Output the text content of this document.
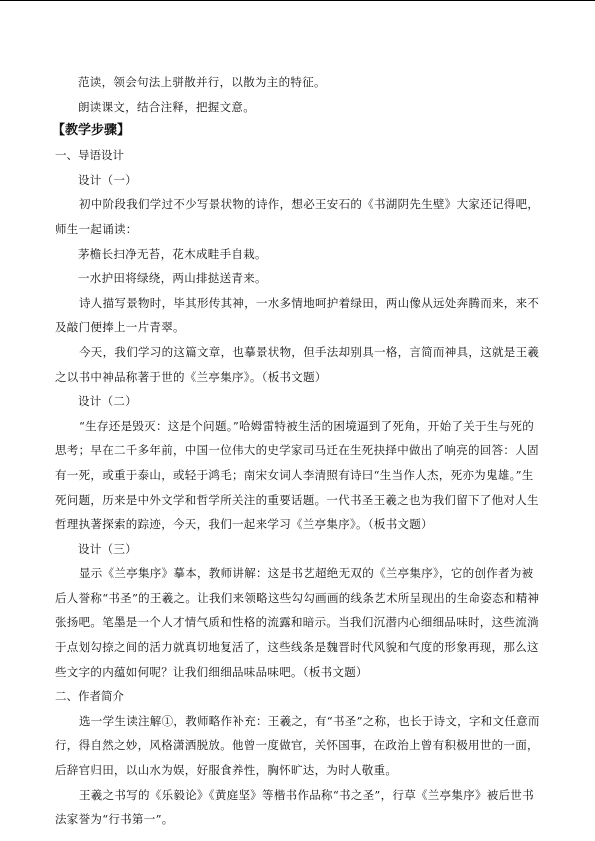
范读，领会句法上骈散并行，以散为主的特征。

朗读课文，结合注释，把握文意。

【教学步骤】

一、导语设计

设计（一）

初中阶段我们学过不少写景状物的诗作，想必王安石的《书湖阴先生壁》大家还记得吧，师生一起诵读：

茅檐长扫净无苔，花木成畦手自栽。

一水护田将绿绕，两山排挞送青来。

诗人描写景物时，毕其形传其神，一水多情地呵护着绿田，两山像从远处奔腾而来，来不及敲门便捧上一片青翠。

今天，我们学习的这篇文章，也摹景状物，但手法却别具一格，言简而神具，这就是王羲之以书中神品称著于世的《兰亭集序》。（板书文题）

设计（二）

“生存还是毁灭：这是个问题。”哈姆雷特被生活的困境逼到了死角，开始了关于生与死的思考；早在二千多年前，中国一位伟大的史学家司马迁在生死抉择中做出了响亮的回答：人固有一死，或重于泰山，或轻于鸿毛；南宋女词人李清照有诗曰“生当作人杰，死亦为鬼雄。”生死问题，历来是中外文学和哲学所关注的重要话题。一代书圣王羲之也为我们留下了他对人生哲理执著探索的踪迹，今天，我们一起来学习《兰亭集序》。（板书文题）

设计（三）

显示《兰亭集序》摹本，教师讲解：这是书艺超绝无双的《兰亭集序》，它的创作者为被后人誉称“书圣”的王羲之。让我们来领略这些勾勾画画的线条艺术所呈现出的生命姿态和精神张扬吧。笔墨是一个人才情气质和性格的流露和暗示。当我们沉潜内心细细品味时，这些流淌于点划勾捺之间的活力就真切地复活了，这些线条是魏晋时代风貌和气度的形象再现，那么这些文字的内蕴如何呢？让我们细细品味品味吧。（板书文题）

二、作者简介

选一学生读注解①，教师略作补充：王羲之，有“书圣”之称，也长于诗文，字和文任意而行，得自然之妙，风格潇洒脱放。他曾一度做官，关怀国事，在政治上曾有积极用世的一面，后辞官归田，以山水为娱，好服食养性，胸怀旷达，为时人敬重。

王羲之书写的《乐毅论》《黄庭坚》等楷书作品称“书之圣”，行草《兰亭集序》被后世书法家誉为“行书第一”。
